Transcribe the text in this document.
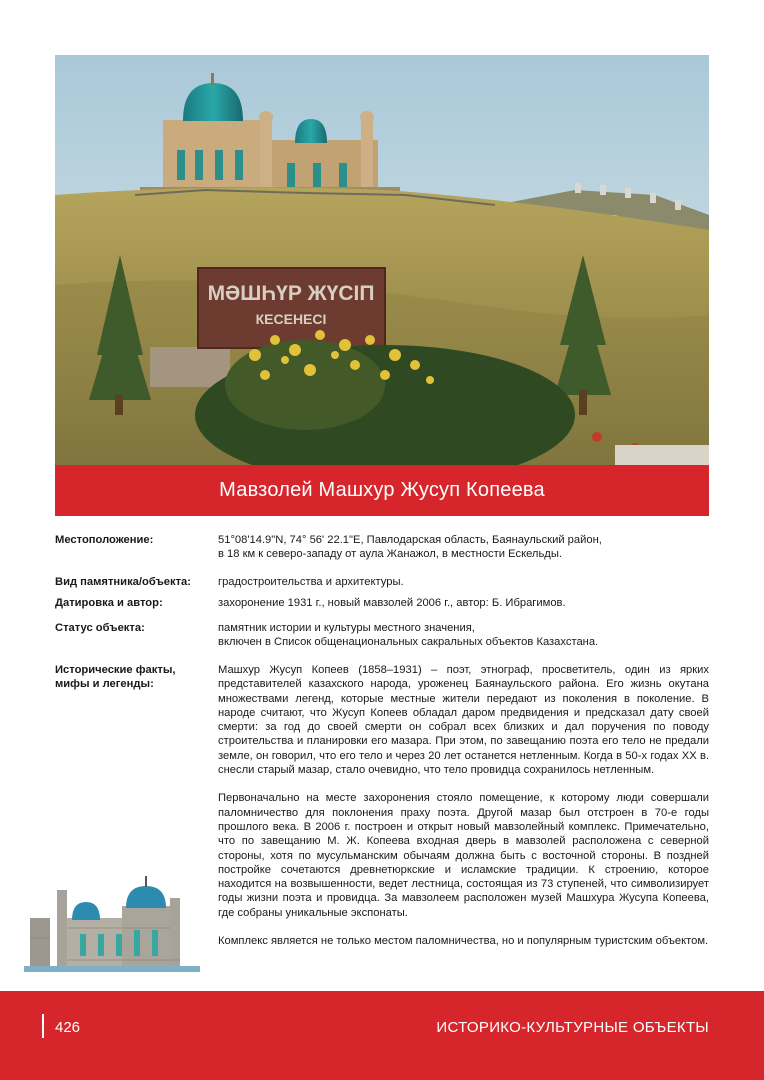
МӘШҺҮР ЖҮСІП
КЕСЕНЕСІ
Мавзолей Машхур Жусуп Копеева
Местоположение:	51°08'14.9"N, 74° 56' 22.1"E, Павлодарская область, Баянаульский район,
в 18 км к северо-западу от аула Жанажол, в местности Ескельды.
Вид памятника/объекта:	градостроительства и архитектуры.
Датировка и автор:	захоронение 1931 г., новый мавзолей 2006 г., автор: Б. Ибрагимов.
Статус объекта:	памятник истории и культуры местного значения,
включен в Список общенациональных сакральных объектов Казахстана.
Исторические факты,
мифы и легенды:

Машхур Жусуп Копеев (1858–1931) – поэт, этнограф, просветитель, один из ярких представителей казахского народа, уроженец Баянаульского района. Его жизнь окутана множествами легенд, которые местные жители передают из поколения в поколение. В народе считают, что Жусуп Копеев обладал даром предвидения и предсказал дату своей смерти: за год до своей смерти он собрал всех близких и дал поручения по поводу строительства и планировки его мазара. При этом, по завещанию поэта его тело не предали земле, он говорил, что его тело и через 20 лет останется нетленным. Когда в 50-х годах XX в. снесли старый мазар, стало очевидно, что тело провидца сохранилось нетленным.

Первоначально на месте захоронения стояло помещение, к которому люди совершали паломничество для поклонения праху поэта. Другой мазар был отстроен в 70-е годы прошлого века. В 2006 г. построен и открыт новый мавзолейный комплекс. Примечательно, что по завещанию М. Ж. Копеева входная дверь в мавзолей расположена с северной стороны, хотя по мусульманским обычаям должна быть с восточной стороны. В поздней постройке сочетаются древнетюркские и исламские традиции. К строению, которое находится на возвышенности, ведет лестница, состоящая из 73 ступеней, что символизирует годы жизни поэта и провидца. За мавзолеем расположен музей Машхура Жусупа Копеева, где собраны уникальные экспонаты.

Комплекс является не только местом паломничества, но и популярным туристским объектом.

426	ИСТОРИКО-КУЛЬТУРНЫЕ ОБЪЕКТЫ
